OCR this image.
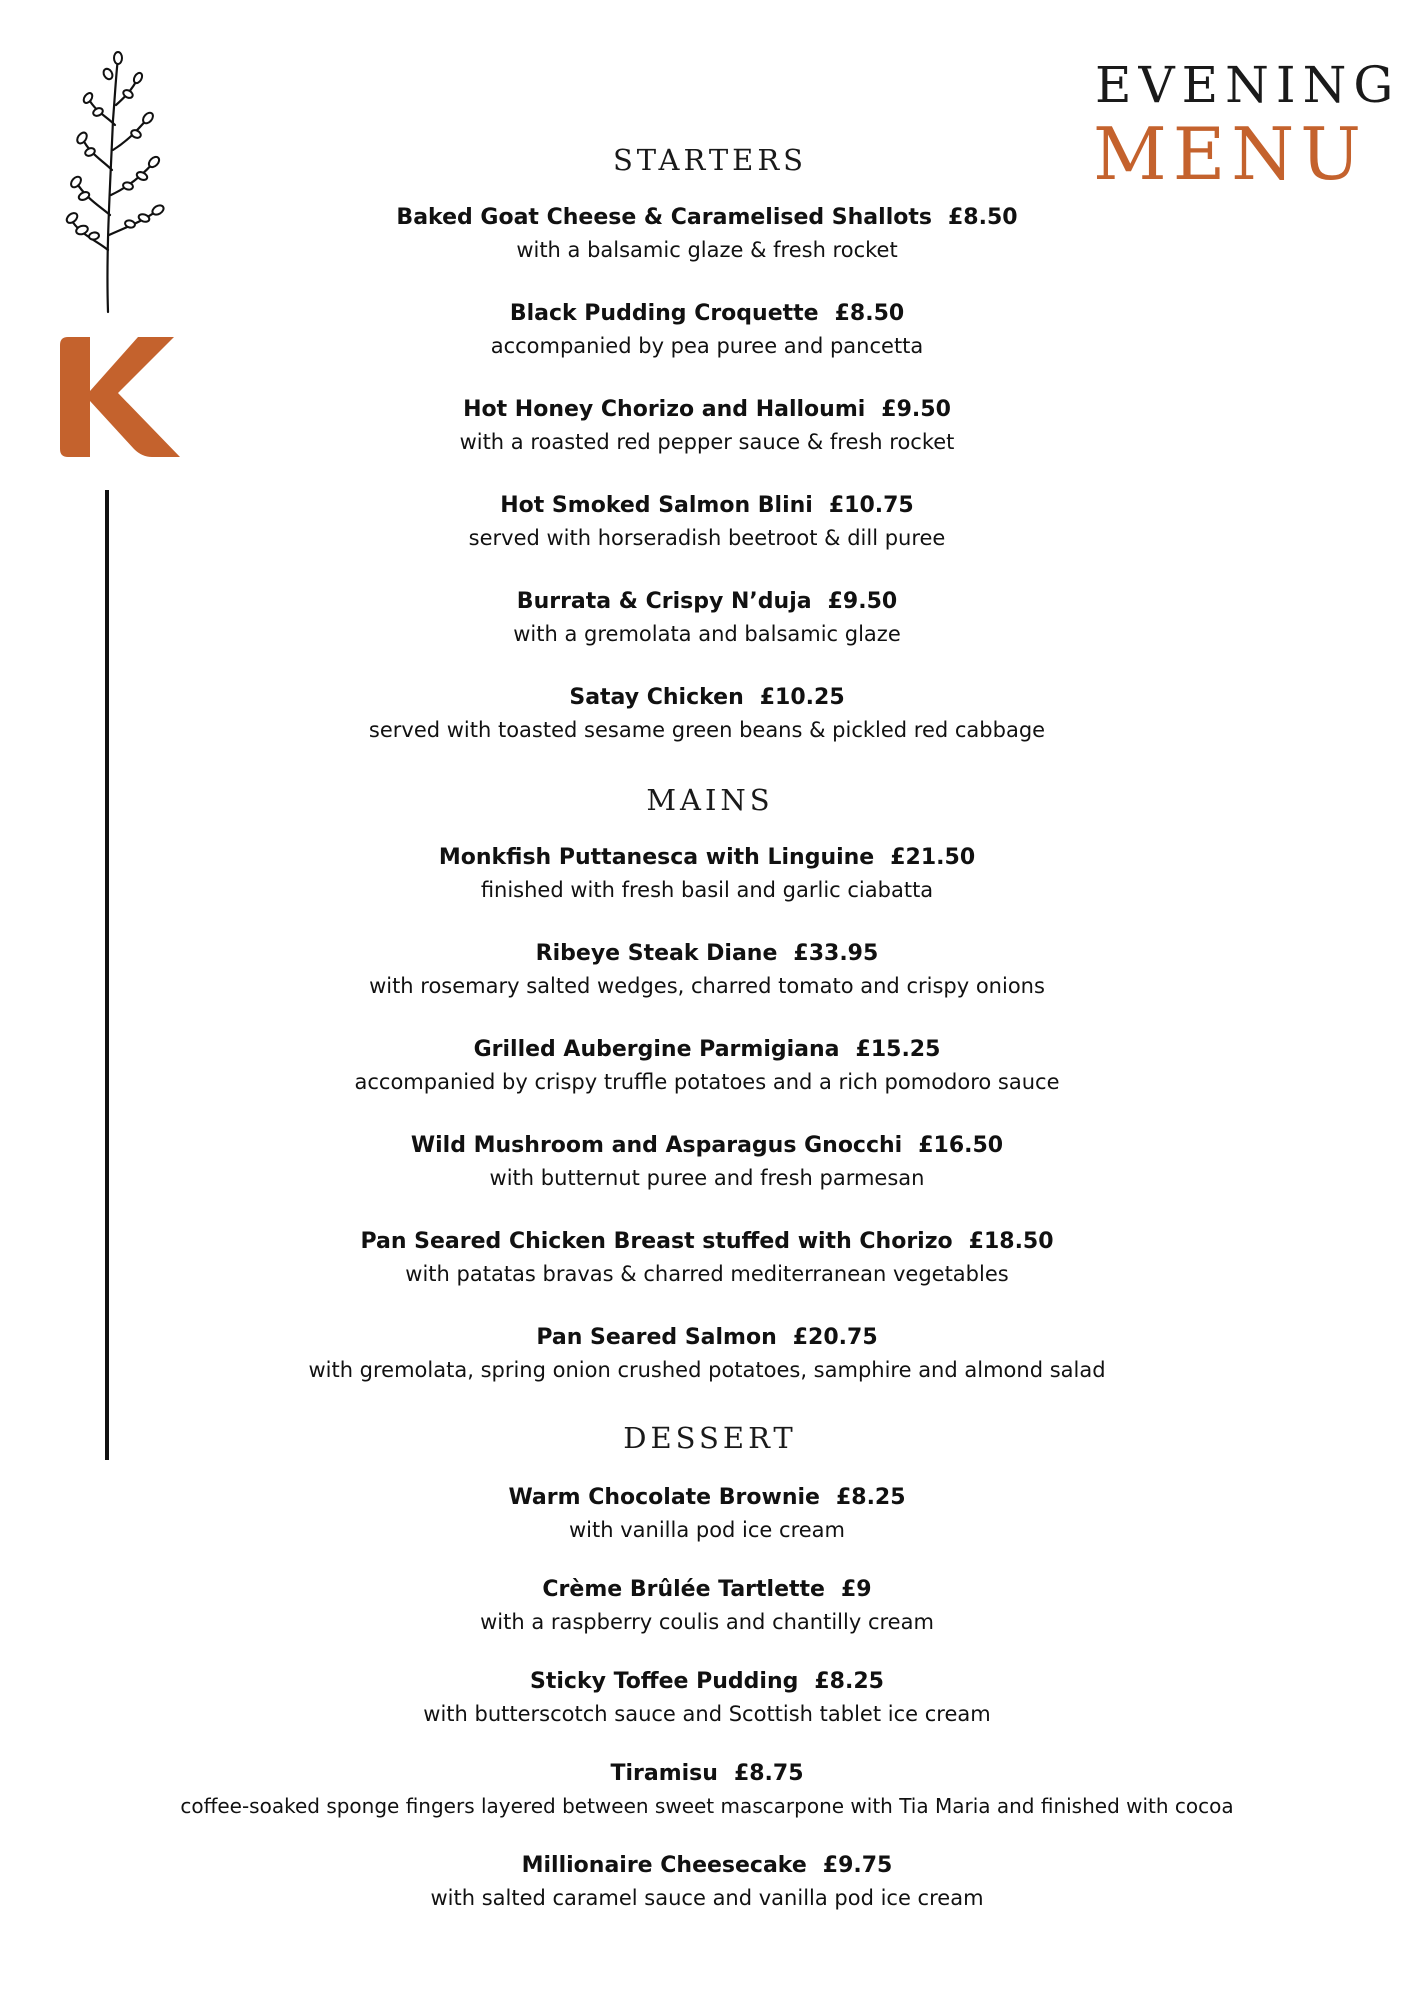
EVENING
MENU
STARTERS
Baked Goat Cheese & Caramelised Shallots £8.50
with a balsamic glaze & fresh rocket
Black Pudding Croquette £8.50
accompanied by pea puree and pancetta
Hot Honey Chorizo and Halloumi £9.50
with a roasted red pepper sauce & fresh rocket
Hot Smoked Salmon Blini £10.75
served with horseradish beetroot & dill puree
Burrata & Crispy N’duja £9.50
with a gremolata and balsamic glaze
Satay Chicken £10.25
served with toasted sesame green beans & pickled red cabbage
MAINS
Monkfish Puttanesca with Linguine £21.50
finished with fresh basil and garlic ciabatta
Ribeye Steak Diane £33.95
with rosemary salted wedges, charred tomato and crispy onions
Grilled Aubergine Parmigiana £15.25
accompanied by crispy truffle potatoes and a rich pomodoro sauce
Wild Mushroom and Asparagus Gnocchi £16.50
with butternut puree and fresh parmesan
Pan Seared Chicken Breast stuffed with Chorizo £18.50
with patatas bravas & charred mediterranean vegetables
Pan Seared Salmon £20.75
with gremolata, spring onion crushed potatoes, samphire and almond salad
DESSERT
Warm Chocolate Brownie £8.25
with vanilla pod ice cream
Crème Brûlée Tartlette £9
with a raspberry coulis and chantilly cream
Sticky Toffee Pudding £8.25
with butterscotch sauce and Scottish tablet ice cream
Tiramisu £8.75
coffee-soaked sponge fingers layered between sweet mascarpone with Tia Maria and finished with cocoa
Millionaire Cheesecake £9.75
with salted caramel sauce and vanilla pod ice cream
